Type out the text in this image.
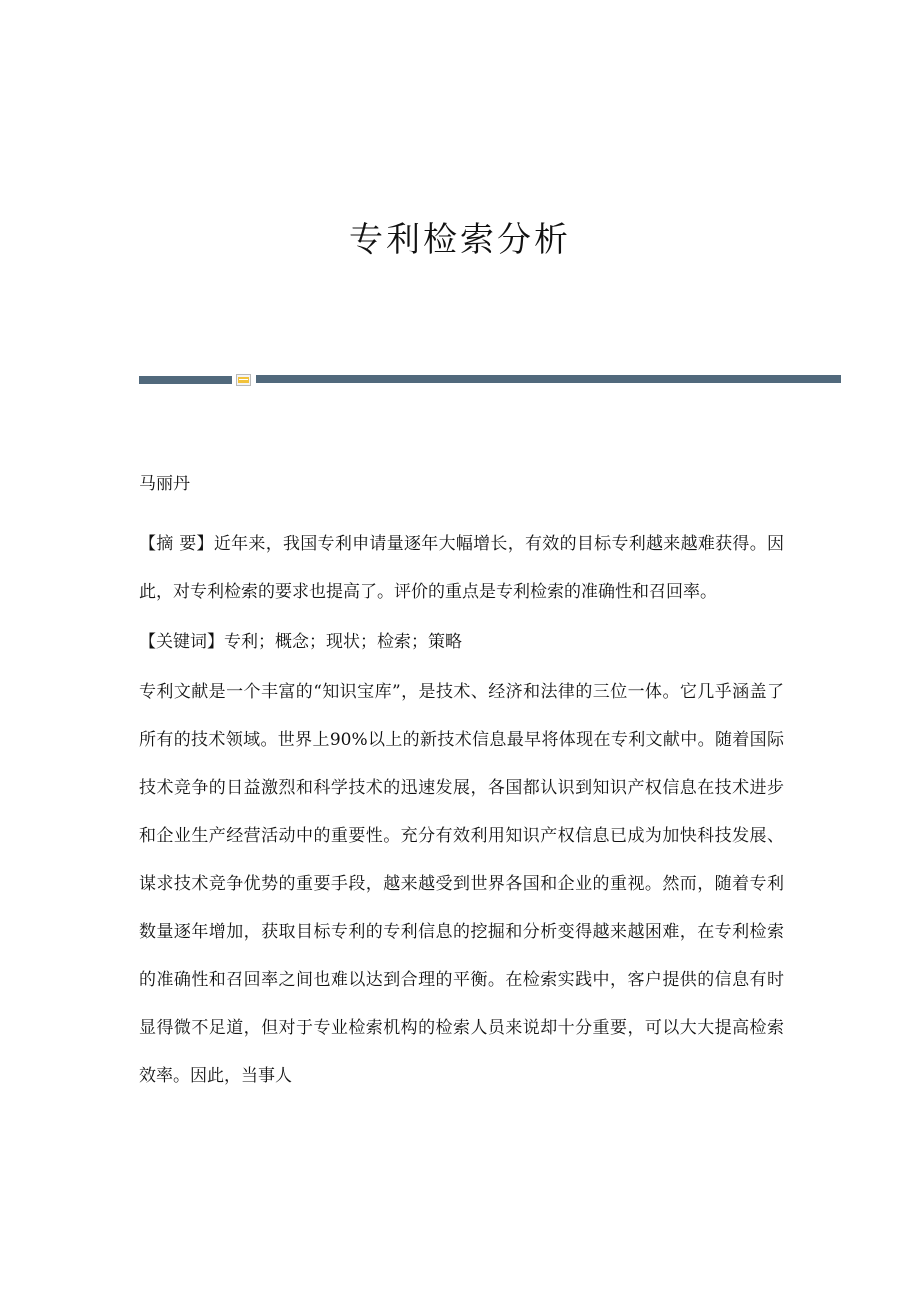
专利检索分析

马丽丹

【摘 要】近年来，我国专利申请量逐年大幅增长，有效的目标专利越来越难获得。因此，对专利检索的要求也提高了。评价的重点是专利检索的准确性和召回率。

【关键词】专利；概念；现状；检索；策略

专利文献是一个丰富的“知识宝库”，是技术、经济和法律的三位一体。它几乎涵盖了所有的技术领域。世界上90%以上的新技术信息最早将体现在专利文献中。随着国际技术竞争的日益激烈和科学技术的迅速发展，各国都认识到知识产权信息在技术进步和企业生产经营活动中的重要性。充分有效利用知识产权信息已成为加快科技发展、谋求技术竞争优势的重要手段，越来越受到世界各国和企业的重视。然而，随着专利数量逐年增加，获取目标专利的专利信息的挖掘和分析变得越来越困难，在专利检索的准确性和召回率之间也难以达到合理的平衡。在检索实践中，客户提供的信息有时显得微不足道，但对于专业检索机构的检索人员来说却十分重要，可以大大提高检索效率。因此，当事人
